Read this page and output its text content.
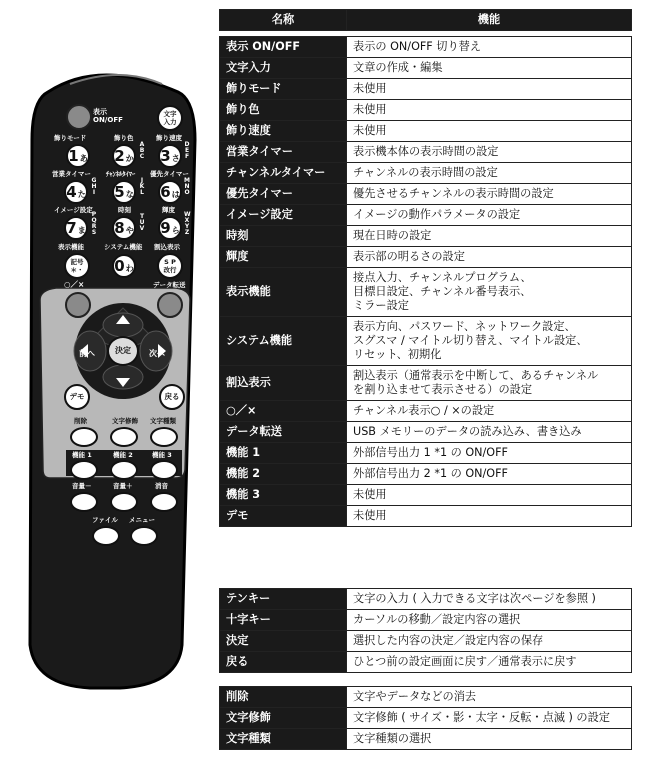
表示
ON/OFF
文字
入力
飾りモード	飾り色	飾り速度
1あ 2か
ABC 3さ
DEF
営業タイマー ﾁｬﾝﾈﾙﾀｲﾏｰ 優先タイマー
4た
GHI 5な
JKL 6は
MNO
イメージ設定	時刻	輝度
7ま
PQRS 8や
TUV 9ら
WXYZ
表示機能	システム機能 割込表示
記号
＊・ 0わ
S P
改行
○／×	データ転送
決定
前へ	次へ
デモ	戻る
削除	文字修飾 文字種類
機能 1	機能 2	機能 3
音量－	音量＋	消音
ファイル メニュー
名称	機能
表示 ON/OFF	表示の ON/OFF 切り替え
文字入力	文章の作成・編集
飾りモード	未使用
飾り色	未使用
飾り速度	未使用
営業タイマー	表示機本体の表示時間の設定
チャンネルタイマー	チャンネルの表示時間の設定
優先タイマー	優先させるチャンネルの表示時間の設定
イメージ設定	イメージの動作パラメータの設定
時刻	現在日時の設定
輝度	表示部の明るさの設定
表示機能	接点入力、チャンネルプログラム、
目標日設定、チャンネル番号表示、
ミラー設定
システム機能	表示方向、パスワード、ネットワーク設定、
スグスマ / マイトル切り替え、マイトル設定、
リセット、初期化
割込表示	割込表示（通常表示を中断して、あるチャンネル
を割り込ませて表示させる）の設定
○／×	チャンネル表示○ / ×の設定
データ転送	USB メモリーのデータの読み込み、書き込み
機能 1	外部信号出力 1 *1 の ON/OFF
機能 2	外部信号出力 2 *1 の ON/OFF
機能 3	未使用
デモ	未使用
テンキー	文字の入力 ( 入力できる文字は次ページを参照 )
十字キー	カーソルの移動／設定内容の選択
決定	選択した内容の決定／設定内容の保存
戻る	ひとつ前の設定画面に戻す／通常表示に戻す
削除	文字やデータなどの消去
文字修飾	文字修飾 ( サイズ・影・太字・反転・点滅 ) の設定
文字種類	文字種類の選択
